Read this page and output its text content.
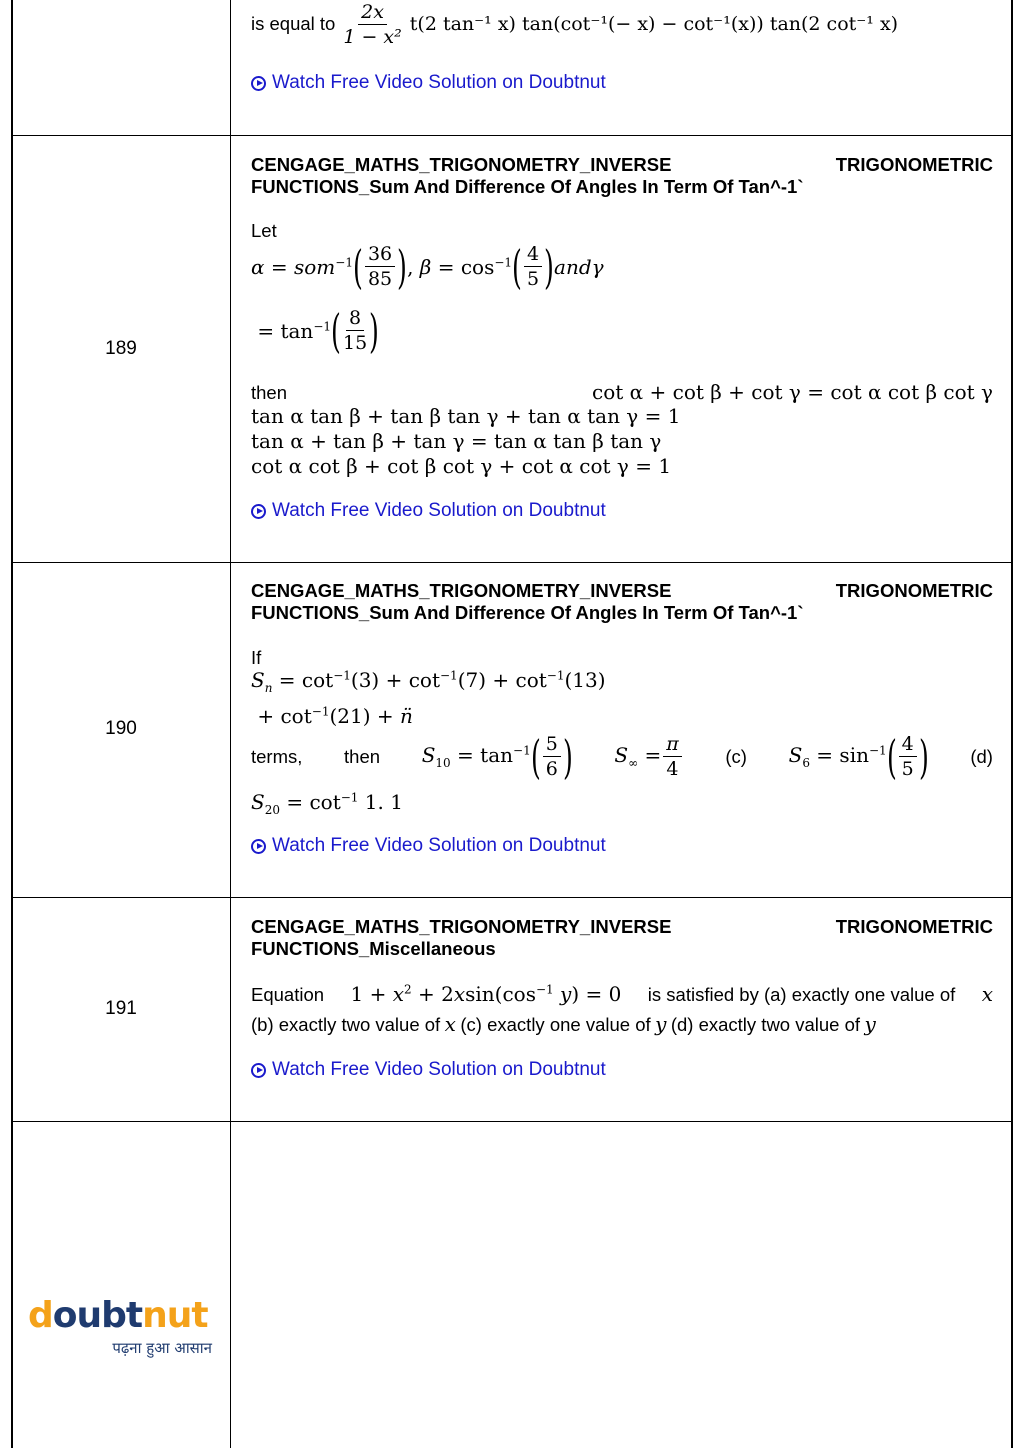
is equal to $\frac{2x}{\text{1 − x²}} t(2$ tan⁻¹ x) tan(cot⁻¹(− x) − cot⁻¹(x)) tan(2 cot⁻¹ x)
Watch Free Video Solution on Doubtnut
189
CENGAGE_MATHS_TRIGONOMETRY_INVERSE	TRIGONOMETRIC
FUNCTIONS_Sum And Difference Of Angles In Term Of Tan^-1`
Let
α = som$^{-1}$ ( $\frac{36}{85}$ ) , $\beta = \cos^{-1}$ ( $\frac{4}{5}$ ) andγ
= $\tan^{-1}$ ( $\frac{8}{15}$ )
then	cot α + cot β + cot γ = cot α cot β cot γ
tan α tan β + tan β tan γ + tan α tan γ = 1
tan α + tan β + tan γ = tan α tan β tan γ
cot α cot β + cot β cot γ + cot α cot γ = 1
Watch Free Video Solution on Doubtnut
190
CENGAGE_MATHS_TRIGONOMETRY_INVERSE	TRIGONOMETRIC
FUNCTIONS_Sum And Difference Of Angles In Term Of Tan^-1`
If
$S_n = \cot^{-1}(3) + \cot^{-1}(7) + \cot^{-1}(13)$
+ $\cot^{-1}(21)$ + n̈
terms, then $S_{10} = \tan^{-1}$ ( $\frac{5}{6}$ ) $S_\infty = \frac{\pi}{4} (c) S_6 = \sin^{-1}$ ( $\frac{4}{5}$ ) (d)
$S_{20} = \cot^{-1} 1$. 1
Watch Free Video Solution on Doubtnut
191
CENGAGE_MATHS_TRIGONOMETRY_INVERSE	TRIGONOMETRIC
FUNCTIONS_Miscellaneous
Equation $1 + x^2 + 2xsin(\cos^{-1}$ y) = 0 is satisfied by (a) exactly one value of x
(b) exactly two value of x (c) exactly one value of y (d) exactly two value of y
Watch Free Video Solution on Doubtnut
doubtnut
पढ़ना हुआ आसान
